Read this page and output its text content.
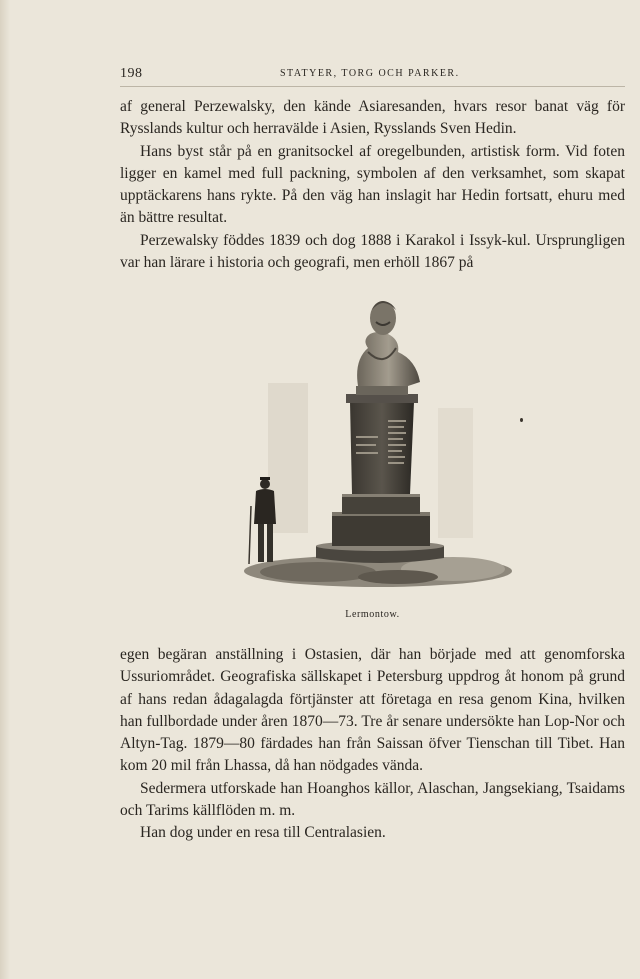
198	STATYER, TORG OCH PARKER.

af general Perzewalsky, den kände Asiaresanden, hvars resor banat väg för Rysslands kultur och herravälde i Asien, Rysslands Sven Hedin.

Hans byst står på en granitsockel af oregelbunden, artistisk form. Vid foten ligger en kamel med full packning, symbolen af den verksamhet, som skapat upptäckarens hans rykte. På den väg han inslagit har Hedin fortsatt, ehuru med än bättre resultat.

Perzewalsky föddes 1839 och dog 1888 i Karakol i Issyk-kul. Ursprungligen var han lärare i historia och geografi, men erhöll 1867 på

Lermontow.

egen begäran anställning i Ostasien, där han började med att genomforska Ussuriområdet. Geografiska sällskapet i Petersburg uppdrog åt honom på grund af hans redan ådagalagda förtjänster att företaga en resa genom Kina, hvilken han fullbordade under åren 1870—73. Tre år senare undersökte han Lop-Nor och Altyn-Tag. 1879—80 färdades han från Saissan öfver Tienschan till Tibet. Han kom 20 mil från Lhassa, då han nödgades vända.

Sedermera utforskade han Hoanghos källor, Alaschan, Jangsekiang, Tsaidams och Tarims källflöden m. m.

Han dog under en resa till Centralasien.
